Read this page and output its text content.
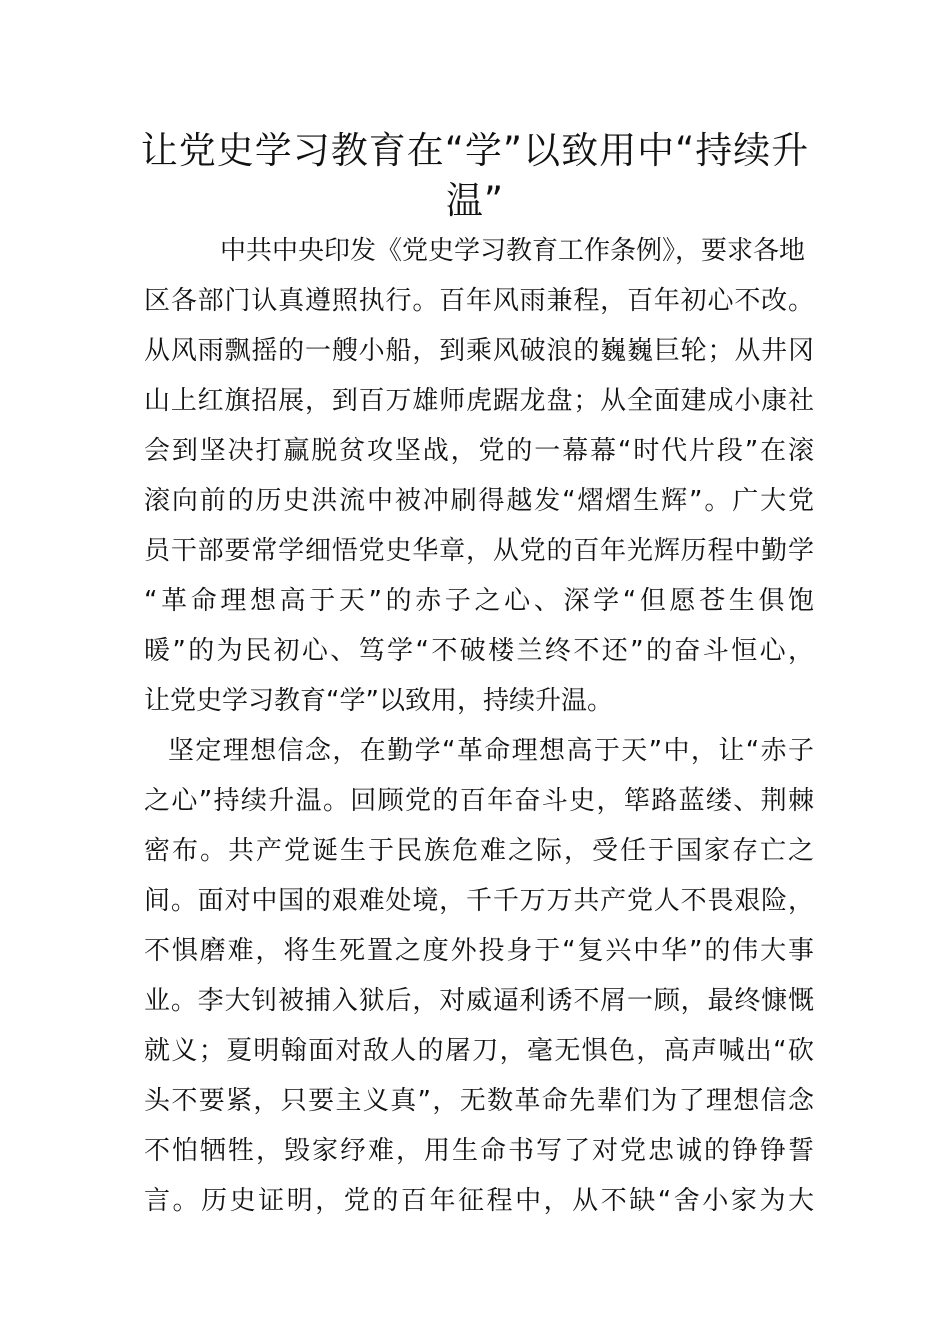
让党史学习教育在“学”以致用中“持续升温”
中共中央印发《党史学习教育工作条例》，要求各地
区各部门认真遵照执行。百年风雨兼程，百年初心不改。
从风雨飘摇的一艘小船，到乘风破浪的巍巍巨轮；从井冈
山上红旗招展，到百万雄师虎踞龙盘；从全面建成小康社
会到坚决打赢脱贫攻坚战，党的一幕幕“时代片段”在滚
滚向前的历史洪流中被冲刷得越发“熠熠生辉”。广大党
员干部要常学细悟党史华章，从党的百年光辉历程中勤学
“革命理想高于天”的赤子之心、深学“但愿苍生俱饱
暖”的为民初心、笃学“不破楼兰终不还”的奋斗恒心，
让党史学习教育“学”以致用，持续升温。
坚定理想信念，在勤学“革命理想高于天”中，让“赤子
之心”持续升温。回顾党的百年奋斗史，筚路蓝缕、荆棘
密布。共产党诞生于民族危难之际，受任于国家存亡之
间。面对中国的艰难处境，千千万万共产党人不畏艰险，
不惧磨难，将生死置之度外投身于“复兴中华”的伟大事
业。李大钊被捕入狱后，对威逼利诱不屑一顾，最终慷慨
就义；夏明翰面对敌人的屠刀，毫无惧色，高声喊出“砍
头不要紧，只要主义真”，无数革命先辈们为了理想信念
不怕牺牲，毁家纾难，用生命书写了对党忠诚的铮铮誓
言。历史证明，党的百年征程中，从不缺“舍小家为大
